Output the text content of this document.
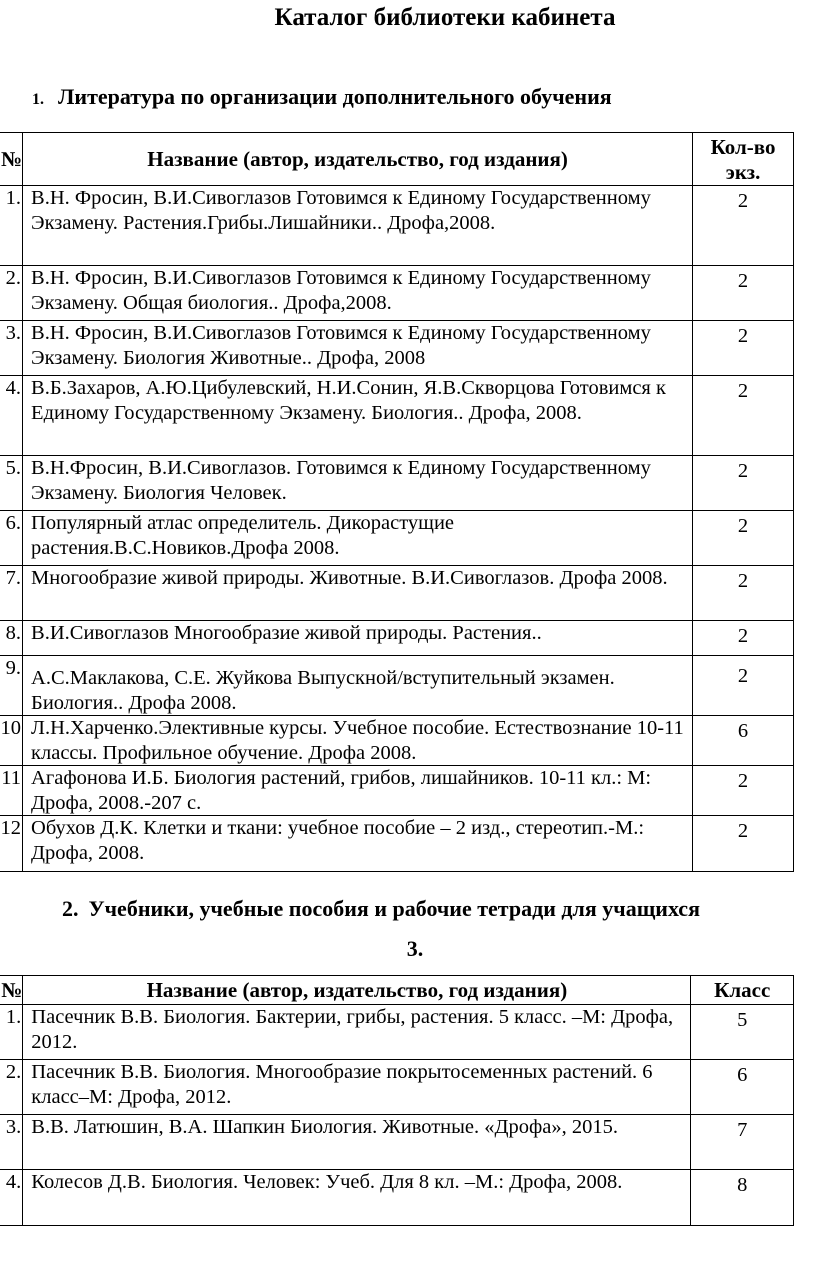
Каталог библиотеки кабинета
1. Литература по организации дополнительного обучения
№	Название (автор, издательство, год издания)	Кол-во
экз.

1.	В.Н. Фросин, В.И.Сивоглазов Готовимся к Единому Государственному Экзамену. Растения.Грибы.Лишайники.. Дрофа,2008.	2
2.	В.Н. Фросин, В.И.Сивоглазов Готовимся к Единому Государственному Экзамену. Общая биология.. Дрофа,2008.	2
3.	В.Н. Фросин, В.И.Сивоглазов Готовимся к Единому Государственному Экзамену. Биология Животные.. Дрофа, 2008	2
4.	В.Б.Захаров, А.Ю.Цибулевский, Н.И.Сонин, Я.В.Скворцова Готовимся к Единому Государственному Экзамену. Биология.. Дрофа, 2008.	2
5.	В.Н.Фросин, В.И.Сивоглазов. Готовимся к Единому Государственному Экзамену. Биология Человек.	2
6.	Популярный атлас определитель. Дикорастущие растения.В.С.Новиков.Дрофа 2008.	2
7.	Многообразие живой природы. Животные. В.И.Сивоглазов. Дрофа 2008.	2
8.	В.И.Сивоглазов Многообразие живой природы. Растения..	2
9.	А.С.Маклакова, С.Е. Жуйкова Выпускной/вступительный экзамен. Биология.. Дрофа 2008.	2
10	Л.Н.Харченко.Элективные курсы. Учебное пособие. Естествознание 10-11 классы. Профильное обучение. Дрофа 2008.	6
11	Агафонова И.Б. Биология растений, грибов, лишайников. 10-11 кл.: М: Дрофа, 2008.-207 с.	2
12	Обухов Д.К. Клетки и ткани: учебное пособие – 2 изд., стереотип.-М.: Дрофа, 2008.	2
2. Учебники, учебные пособия и рабочие тетради для учащихся
3.
№	Название (автор, издательство, год издания)	Класс
1.	Пасечник В.В. Биология. Бактерии, грибы, растения. 5 класс. –М: Дрофа, 2012.	5
2.	Пасечник В.В. Биология. Многообразие покрытосеменных растений. 6 класс–М: Дрофа, 2012.	6
3.	В.В. Латюшин, В.А. Шапкин Биология. Животные. «Дрофа», 2015.	7
4.	Колесов Д.В. Биология. Человек: Учеб. Для 8 кл. –М.: Дрофа, 2008.	8
